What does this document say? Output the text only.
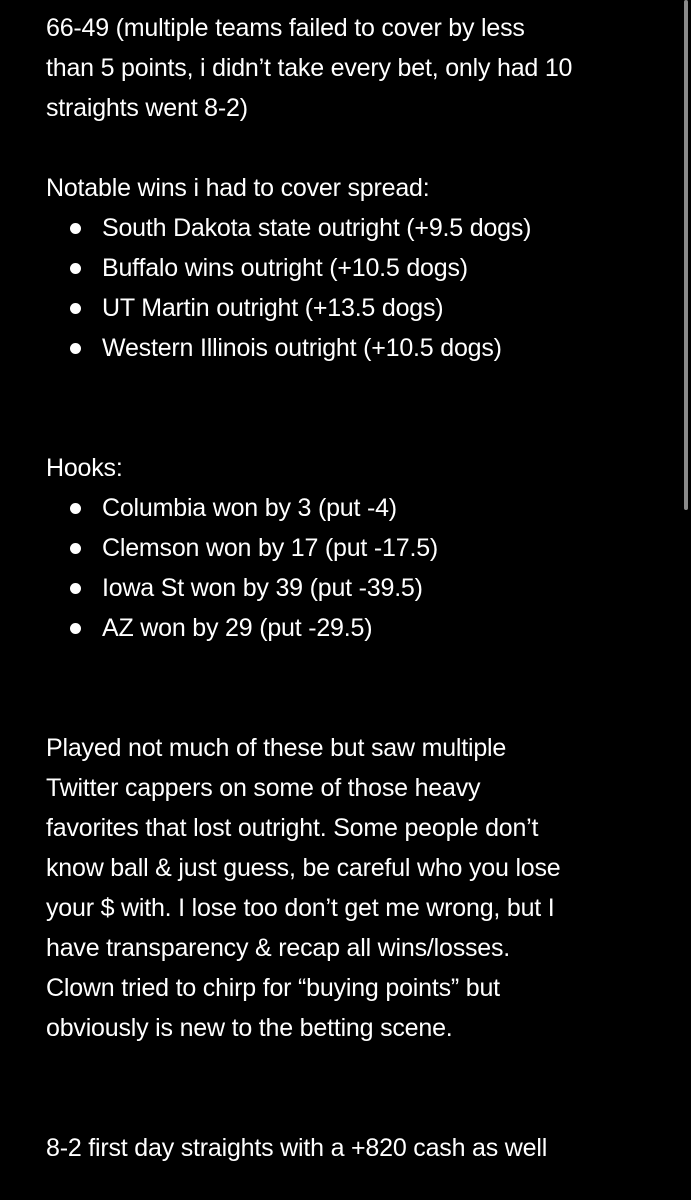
66-49 (multiple teams failed to cover by less
than 5 points, i didn’t take every bet, only had 10
straights went 8-2)

Notable wins i had to cover spread:

South Dakota state outright (+9.5 dogs)
Buffalo wins outright (+10.5 dogs)
UT Martin outright (+13.5 dogs)
Western Illinois outright (+10.5 dogs)

Hooks:

Columbia won by 3 (put -4)
Clemson won by 17 (put -17.5)
Iowa St won by 39 (put -39.5)
AZ won by 29 (put -29.5)

Played not much of these but saw multiple
Twitter cappers on some of those heavy
favorites that lost outright. Some people don’t
know ball & just guess, be careful who you lose
your $ with. I lose too don’t get me wrong, but I
have transparency & recap all wins/losses.
Clown tried to chirp for “buying points” but
obviously is new to the betting scene.

8-2 first day straights with a +820 cash as well
